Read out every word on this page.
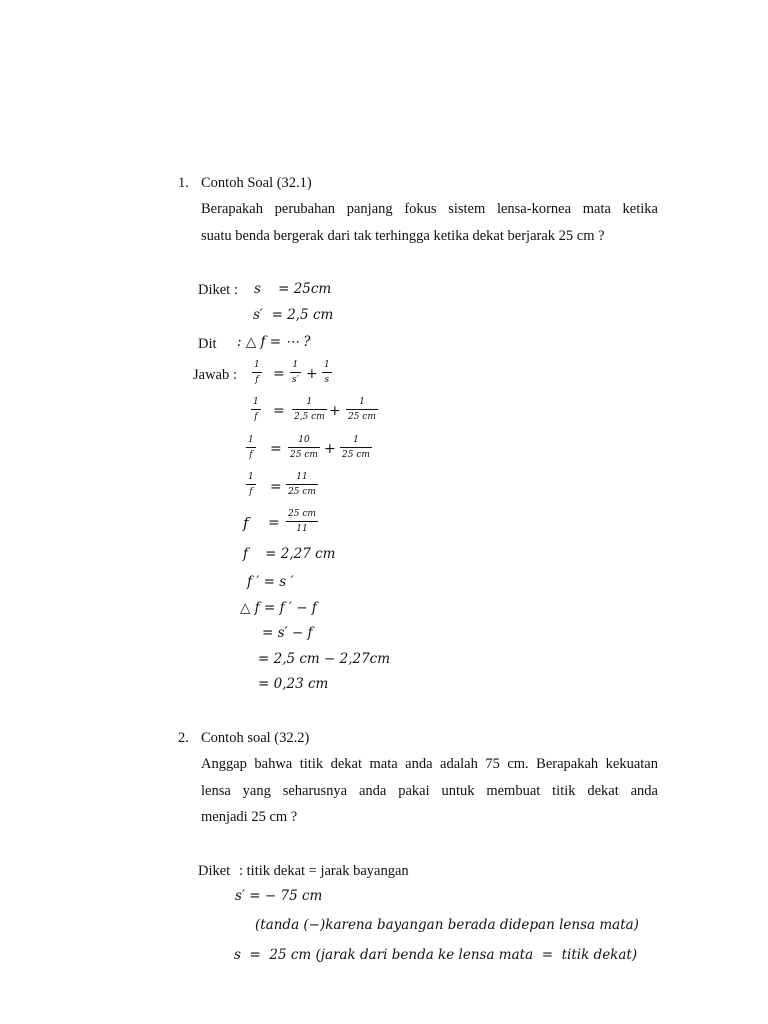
1. Contoh Soal (32.1)
Berapakah perubahan panjang fokus sistem lensa-kornea mata ketika
suatu benda bergerak dari tak terhingga ketika dekat berjarak 25 cm ?
Diket : s    = 25cm
s′  = 2,5 cm
Dit : △ f = ⋯ ?
Jawab :
1
f =
1
s′ +
1
s
1
f =
1
2,5 cm +
1
25 cm
1
f =
10
25 cm +
1
25 cm
1
f =
11
25 cm
f =
25 cm
11
f    = 2,27 cm
f ′ = s ′
△ f = f ′ − f
= s′ − f
= 2,5 cm − 2,27cm
= 0,23 cm
2. Contoh soal (32.2)
Anggap bahwa titik dekat mata anda adalah 75 cm. Berapakah kekuatan
lensa yang seharusnya anda pakai untuk membuat titik dekat anda
menjadi 25 cm ?
Diket : titik dekat = jarak bayangan
s′ = − 75 cm
(tanda (−)karena bayangan berada didepan lensa mata)
s  =  25 cm (jarak dari benda ke lensa mata  =  titik dekat)
